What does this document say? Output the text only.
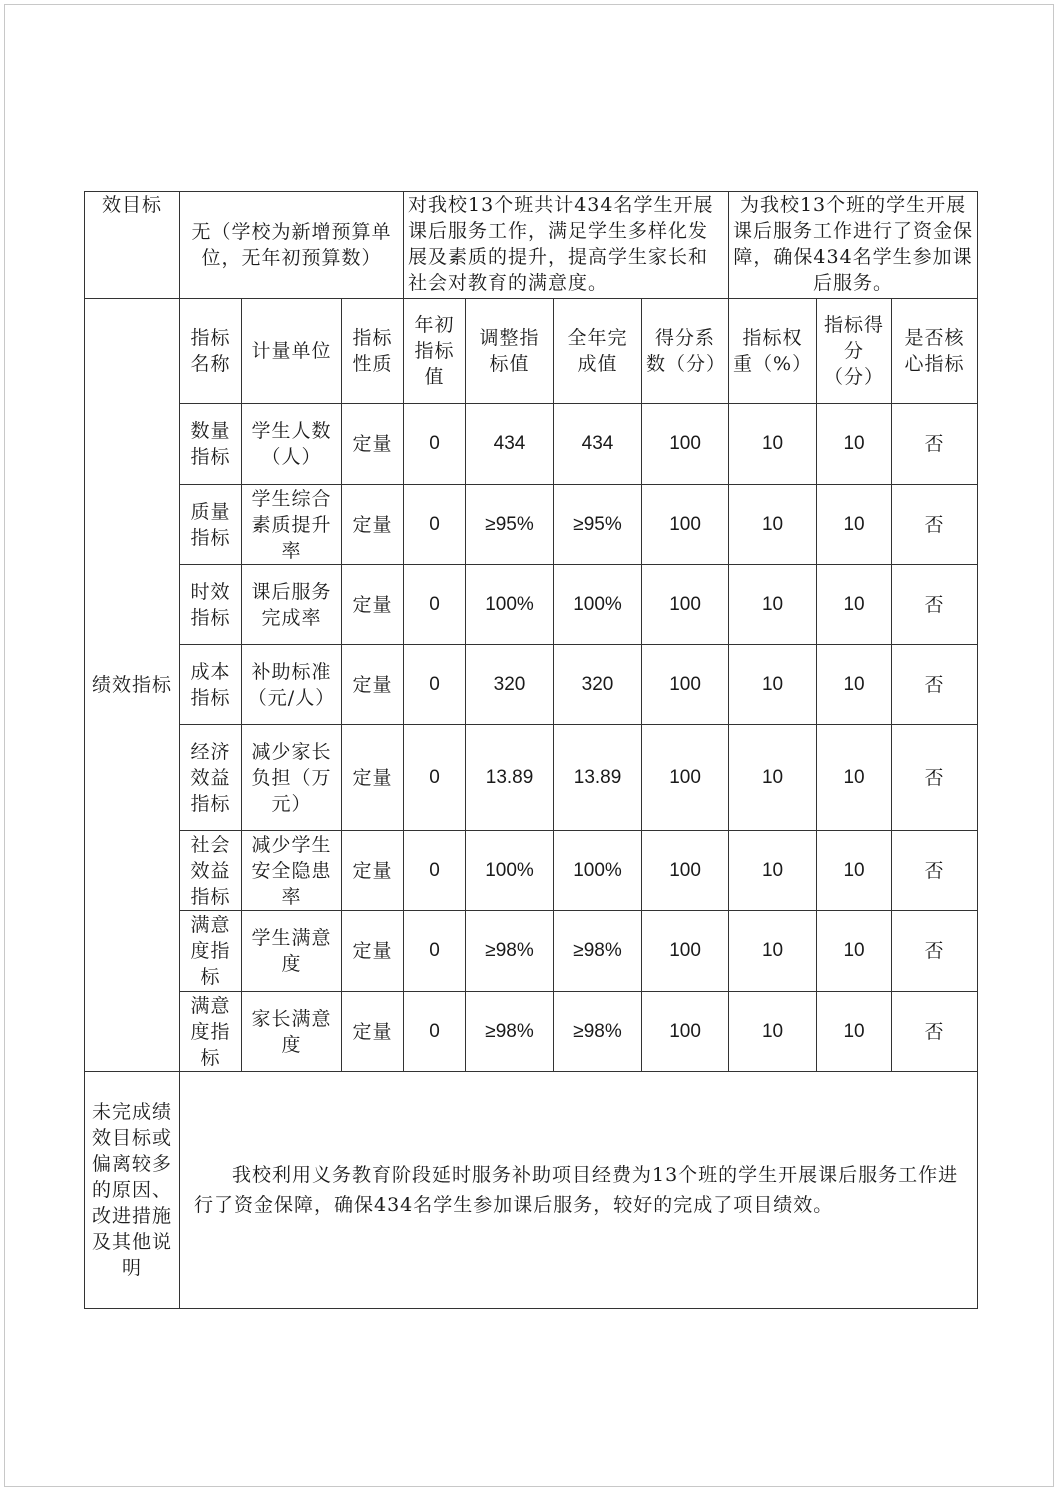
效目标	无（学校为新增预算单位，无年初预算数）			对我校13个班共计434名学生开展课后服务工作，满足学生多样化发展及素质的提升，提高学生家长和社会对教育的满意度。				为我校13个班的学生开展课后服务工作进行了资金保障，确保434名学生参加课后服务。		
绩效指标	指标名称	计量单位	指标性质	年初指标值	调整指标值	全年完成值	得分系数（分）	指标权重（%）	指标得分（分）	是否核心指标
	数量指标	学生人数（人）	定量	0	434	434	100	10	10	否
	质量指标	学生综合素质提升率	定量	0	≥95%	≥95%	100	10	10	否
	时效指标	课后服务完成率	定量	0	100%	100%	100	10	10	否
	成本指标	补助标准（元/人）	定量	0	320	320	100	10	10	否
	经济效益指标	减少家长负担（万元）	定量	0	13.89	13.89	100	10	10	否
	社会效益指标	减少学生安全隐患率	定量	0	100%	100%	100	10	10	否
	满意度指标	学生满意度	定量	0	≥98%	≥98%	100	10	10	否
	满意度指标	家长满意度	定量	0	≥98%	≥98%	100	10	10	否
未完成绩效目标或偏离较多的原因、改进措施及其他说明	我校利用义务教育阶段延时服务补助项目经费为13个班的学生开展课后服务工作进行了资金保障，确保434名学生参加课后服务，较好的完成了项目绩效。									
